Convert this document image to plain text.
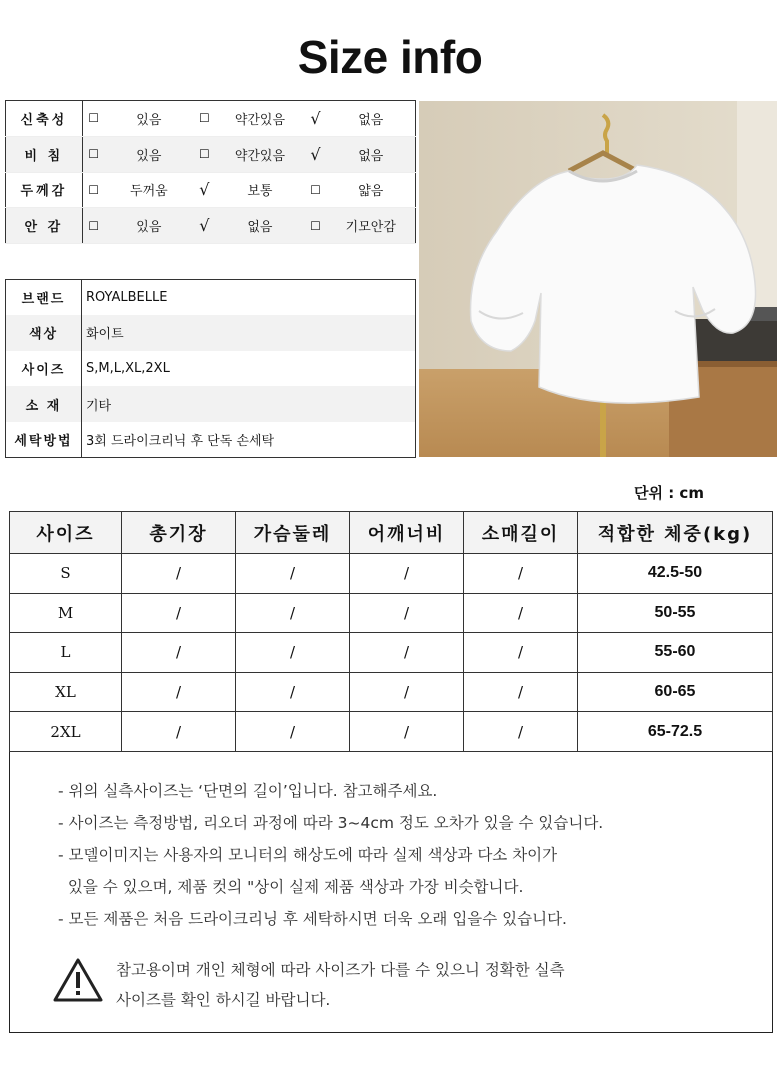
Size info
신축성	☐	있음	☐	약간있음	√	없음
비 침	☐	있음	☐	약간있음	√	없음
두께감	☐	두꺼움	√	보통	☐	얇음
안 감	☐	있음	√	없음	☐	기모안감
브랜드	ROYALBELLE
색상	화이트
사이즈	S,M,L,XL,2XL
소 재	기타
세탁방법	3회 드라이크리닉 후 단독 손세탁
단위 : cm
사이즈	총기장	가슴둘레	어깨너비	소매길이	적합한 체중(kg)
S	/	/	/	/	42.5-50
M	/	/	/	/	50-55
L	/	/	/	/	55-60
XL	/	/	/	/	60-65
2XL	/	/	/	/	65-72.5
- 위의 실측사이즈는 ‘단면의 길이’입니다. 참고해주세요.
- 사이즈는 측정방법, 리오더 과정에 따라 3~4cm 정도 오차가 있을 수 있습니다.
- 모델이미지는 사용자의 모니터의 해상도에 따라 실제 색상과 다소 차이가
있을 수 있으며, 제품 컷의 "상이 실제 제품 색상과 가장 비슷합니다.
- 모든 제품은 처음 드라이크리닝 후 세탁하시면 더욱 오래 입을수 있습니다.
참고용이며 개인 체형에 따라 사이즈가 다를 수 있으니 정확한 실측
사이즈를 확인 하시길 바랍니다.
